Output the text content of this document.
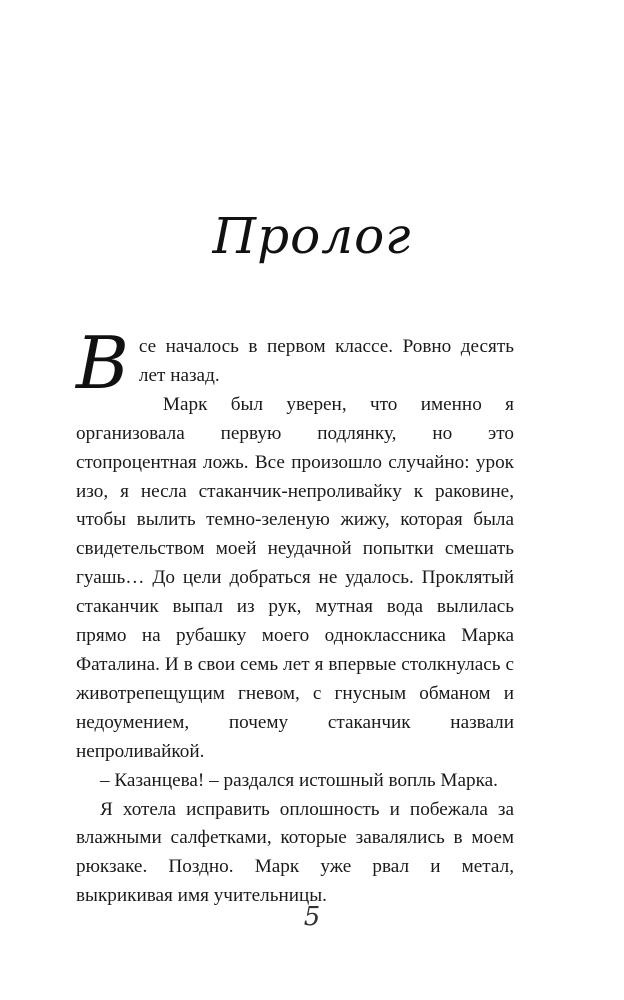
Пролог

Все началось в первом классе. Ровно десять лет назад.

Марк был уверен, что именно я организовала первую подлянку, но это стопроцентная ложь. Все произошло случайно: урок изо, я несла стаканчик-непроливайку к раковине, чтобы вылить темно-зеленую жижу, которая была свидетельством моей неудачной попытки смешать гуашь… До цели добраться не удалось. Проклятый стаканчик выпал из рук, мутная вода вылилась прямо на рубашку моего одноклассника Марка Фаталина. И в свои семь лет я впервые столкнулась с животрепещущим гневом, с гнусным обманом и недоумением, почему стаканчик назвали непроливайкой.

– Казанцева! – раздался истошный вопль Марка.

Я хотела исправить оплошность и побежала за влажными салфетками, которые завалялись в моем рюкзаке. Поздно. Марк уже рвал и метал, выкрикивая имя учительницы.

5
